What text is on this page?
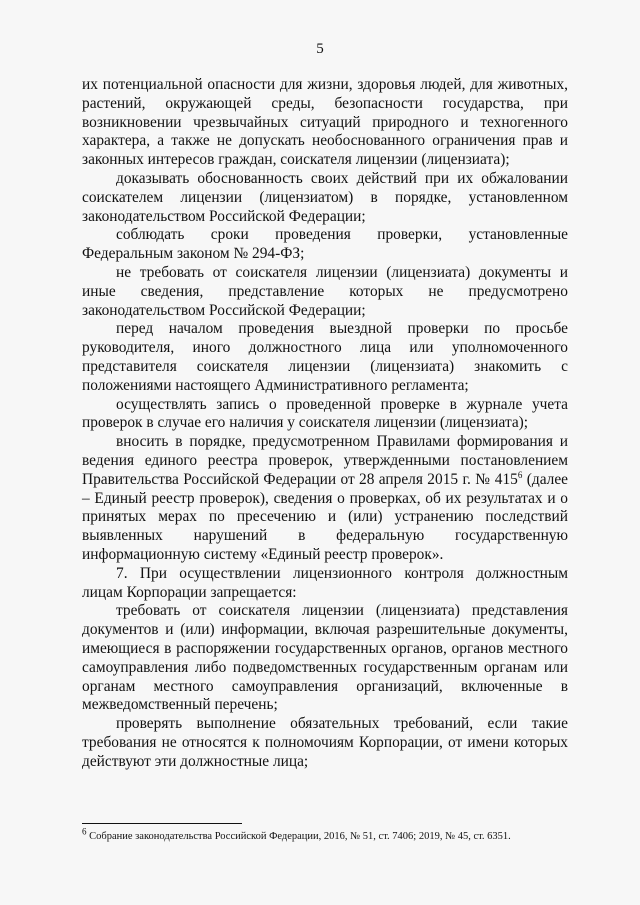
5

их потенциальной опасности для жизни, здоровья людей, для животных, растений, окружающей среды, безопасности государства, при возникновении чрезвычайных ситуаций природного и техногенного характера, а также не допускать необоснованного ограничения прав и законных интересов граждан, соискателя лицензии (лицензиата);

доказывать обоснованность своих действий при их обжаловании соискателем лицензии (лицензиатом) в порядке, установленном законодательством Российской Федерации;

соблюдать сроки проведения проверки, установленные Федеральным законом № 294-ФЗ;

не требовать от соискателя лицензии (лицензиата) документы и иные сведения, представление которых не предусмотрено законодательством Российской Федерации;

перед началом проведения выездной проверки по просьбе руководителя, иного должностного лица или уполномоченного представителя соискателя лицензии (лицензиата) знакомить с положениями настоящего Административного регламента;

осуществлять запись о проведенной проверке в журнале учета проверок в случае его наличия у соискателя лицензии (лицензиата);

вносить в порядке, предусмотренном Правилами формирования и ведения единого реестра проверок, утвержденными постановлением Правительства Российской Федерации от 28 апреля 2015 г. № $415^6$ (далее – Единый реестр проверок), сведения о проверках, об их результатах и о принятых мерах по пресечению и (или) устранению последствий выявленных нарушений в федеральную государственную информационную систему «Единый реестр проверок».

7. При осуществлении лицензионного контроля должностным лицам Корпорации запрещается:

требовать от соискателя лицензии (лицензиата) представления документов и (или) информации, включая разрешительные документы, имеющиеся в распоряжении государственных органов, органов местного самоуправления либо подведомственных государственным органам или органам местного самоуправления организаций, включенные в межведомственный перечень;

проверять выполнение обязательных требований, если такие требования не относятся к полномочиям Корпорации, от имени которых действуют эти должностные лица;

$^6$ Собрание законодательства Российской Федерации, 2016, № 51, ст. 7406; 2019, № 45, ст. 6351.
